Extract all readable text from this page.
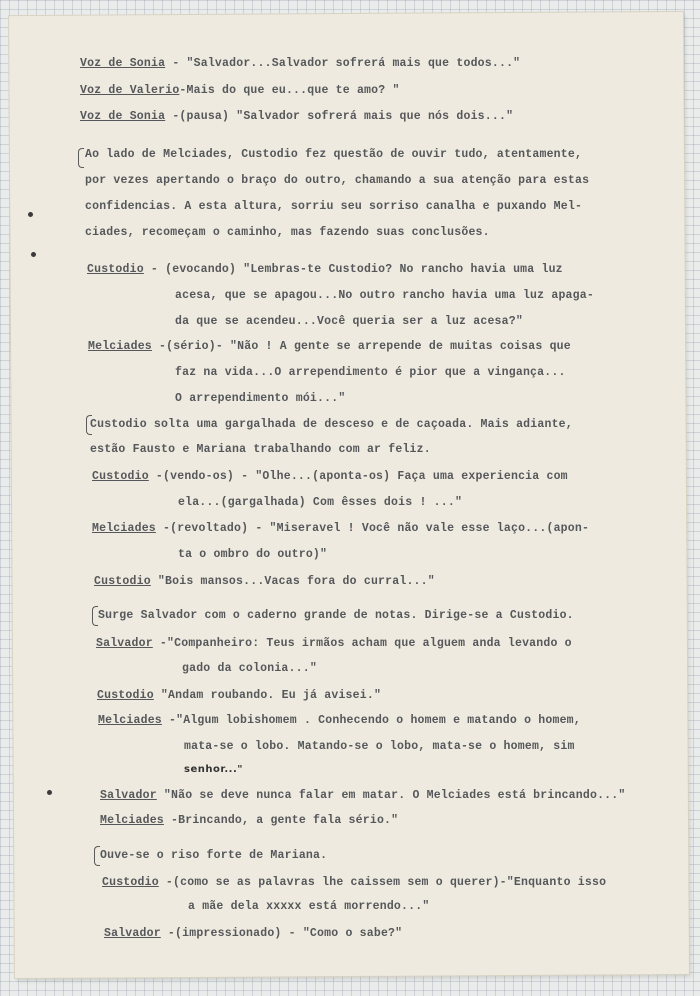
Voz de Sonia - "Salvador...Salvador sofrerá mais que todos..."
Voz de Valerio-Mais do que eu...que te amo? "
Voz de Sonia -(pausa) "Salvador sofrerá mais que nós dois..."
Ao lado de Melciades, Custodio fez questão de ouvir tudo, atentamente,
por vezes apertando o braço do outro, chamando a sua atenção para estas
confidencias. A esta altura, sorriu seu sorriso canalha e puxando Mel-
ciades, recomeçam o caminho, mas fazendo suas conclusões.
Custodio - (evocando) "Lembras-te Custodio? No rancho havia uma luz
acesa, que se apagou...No outro rancho havia uma luz apaga-
da que se acendeu...Você queria ser a luz acesa?"
Melciades -(sério)- "Não ! A gente se arrepende de muitas coisas que
faz na vida...O arrependimento é pior que a vingança...
O arrependimento mói..."
Custodio solta uma gargalhada de desceso e de caçoada. Mais adiante,
estão Fausto e Mariana trabalhando com ar feliz.
Custodio -(vendo-os) - "Olhe...(aponta-os) Faça uma experiencia com
ela...(gargalhada) Com êsses dois ! ..."
Melciades -(revoltado) - "Miseravel ! Você não vale esse laço...(apon-
ta o ombro do outro)"
Custodio "Bois mansos...Vacas fora do curral..."
Surge Salvador com o caderno grande de notas. Dirige-se a Custodio.
Salvador -"Companheiro: Teus irmãos acham que alguem anda levando o
gado da colonia..."
Custodio "Andam roubando. Eu já avisei."
Melciades -"Algum lobishomem . Conhecendo o homem e matando o homem,
mata-se o lobo. Matando-se o lobo, mata-se o homem, sim
senhor..."
Salvador "Não se deve nunca falar em matar. O Melciades está brincando..."
Melciades -Brincando, a gente fala sério."
Ouve-se o riso forte de Mariana.
Custodio -(como se as palavras lhe caissem sem o querer)-"Enquanto isso
a mãe dela xxxxx está morrendo..."
Salvador -(impressionado) - "Como o sabe?"
